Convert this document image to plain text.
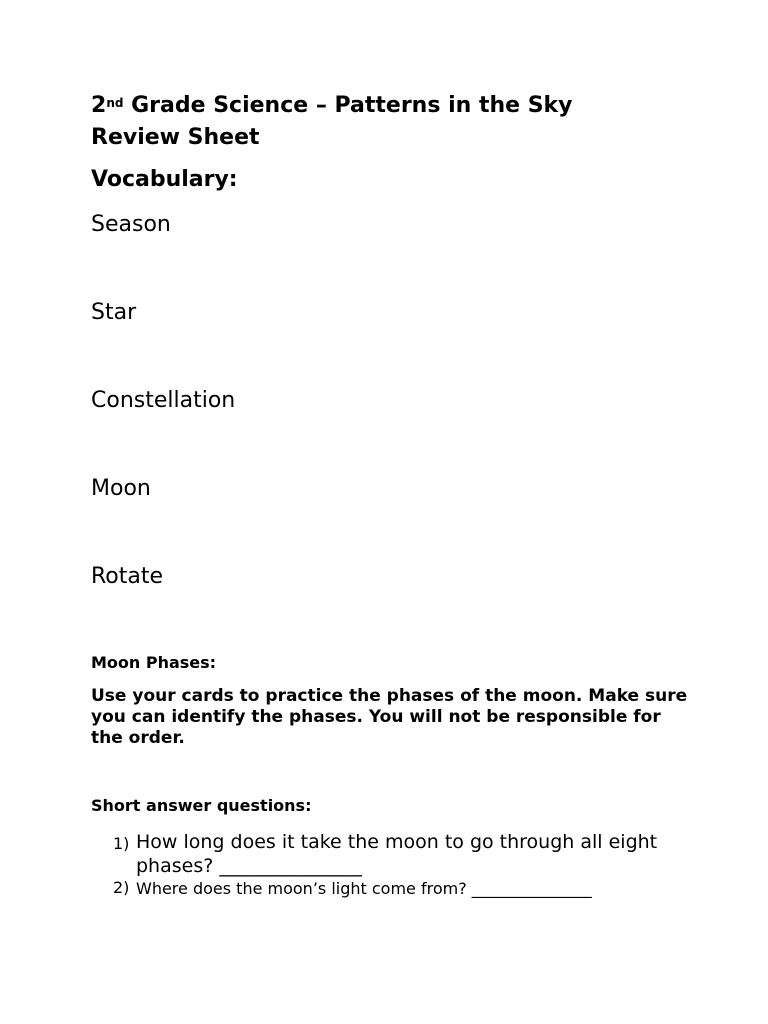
2nd Grade Science – Patterns in the Sky
Review Sheet
Vocabulary:
Season
Star
Constellation
Moon
Rotate
Moon Phases:

Use your cards to practice the phases of the moon. Make sure you can identify the phases. You will not be responsible for the order.

Short answer questions:
1) How long does it take the moon to go through all eight phases? _______________
2) Where does the moon’s light come from? _______________
